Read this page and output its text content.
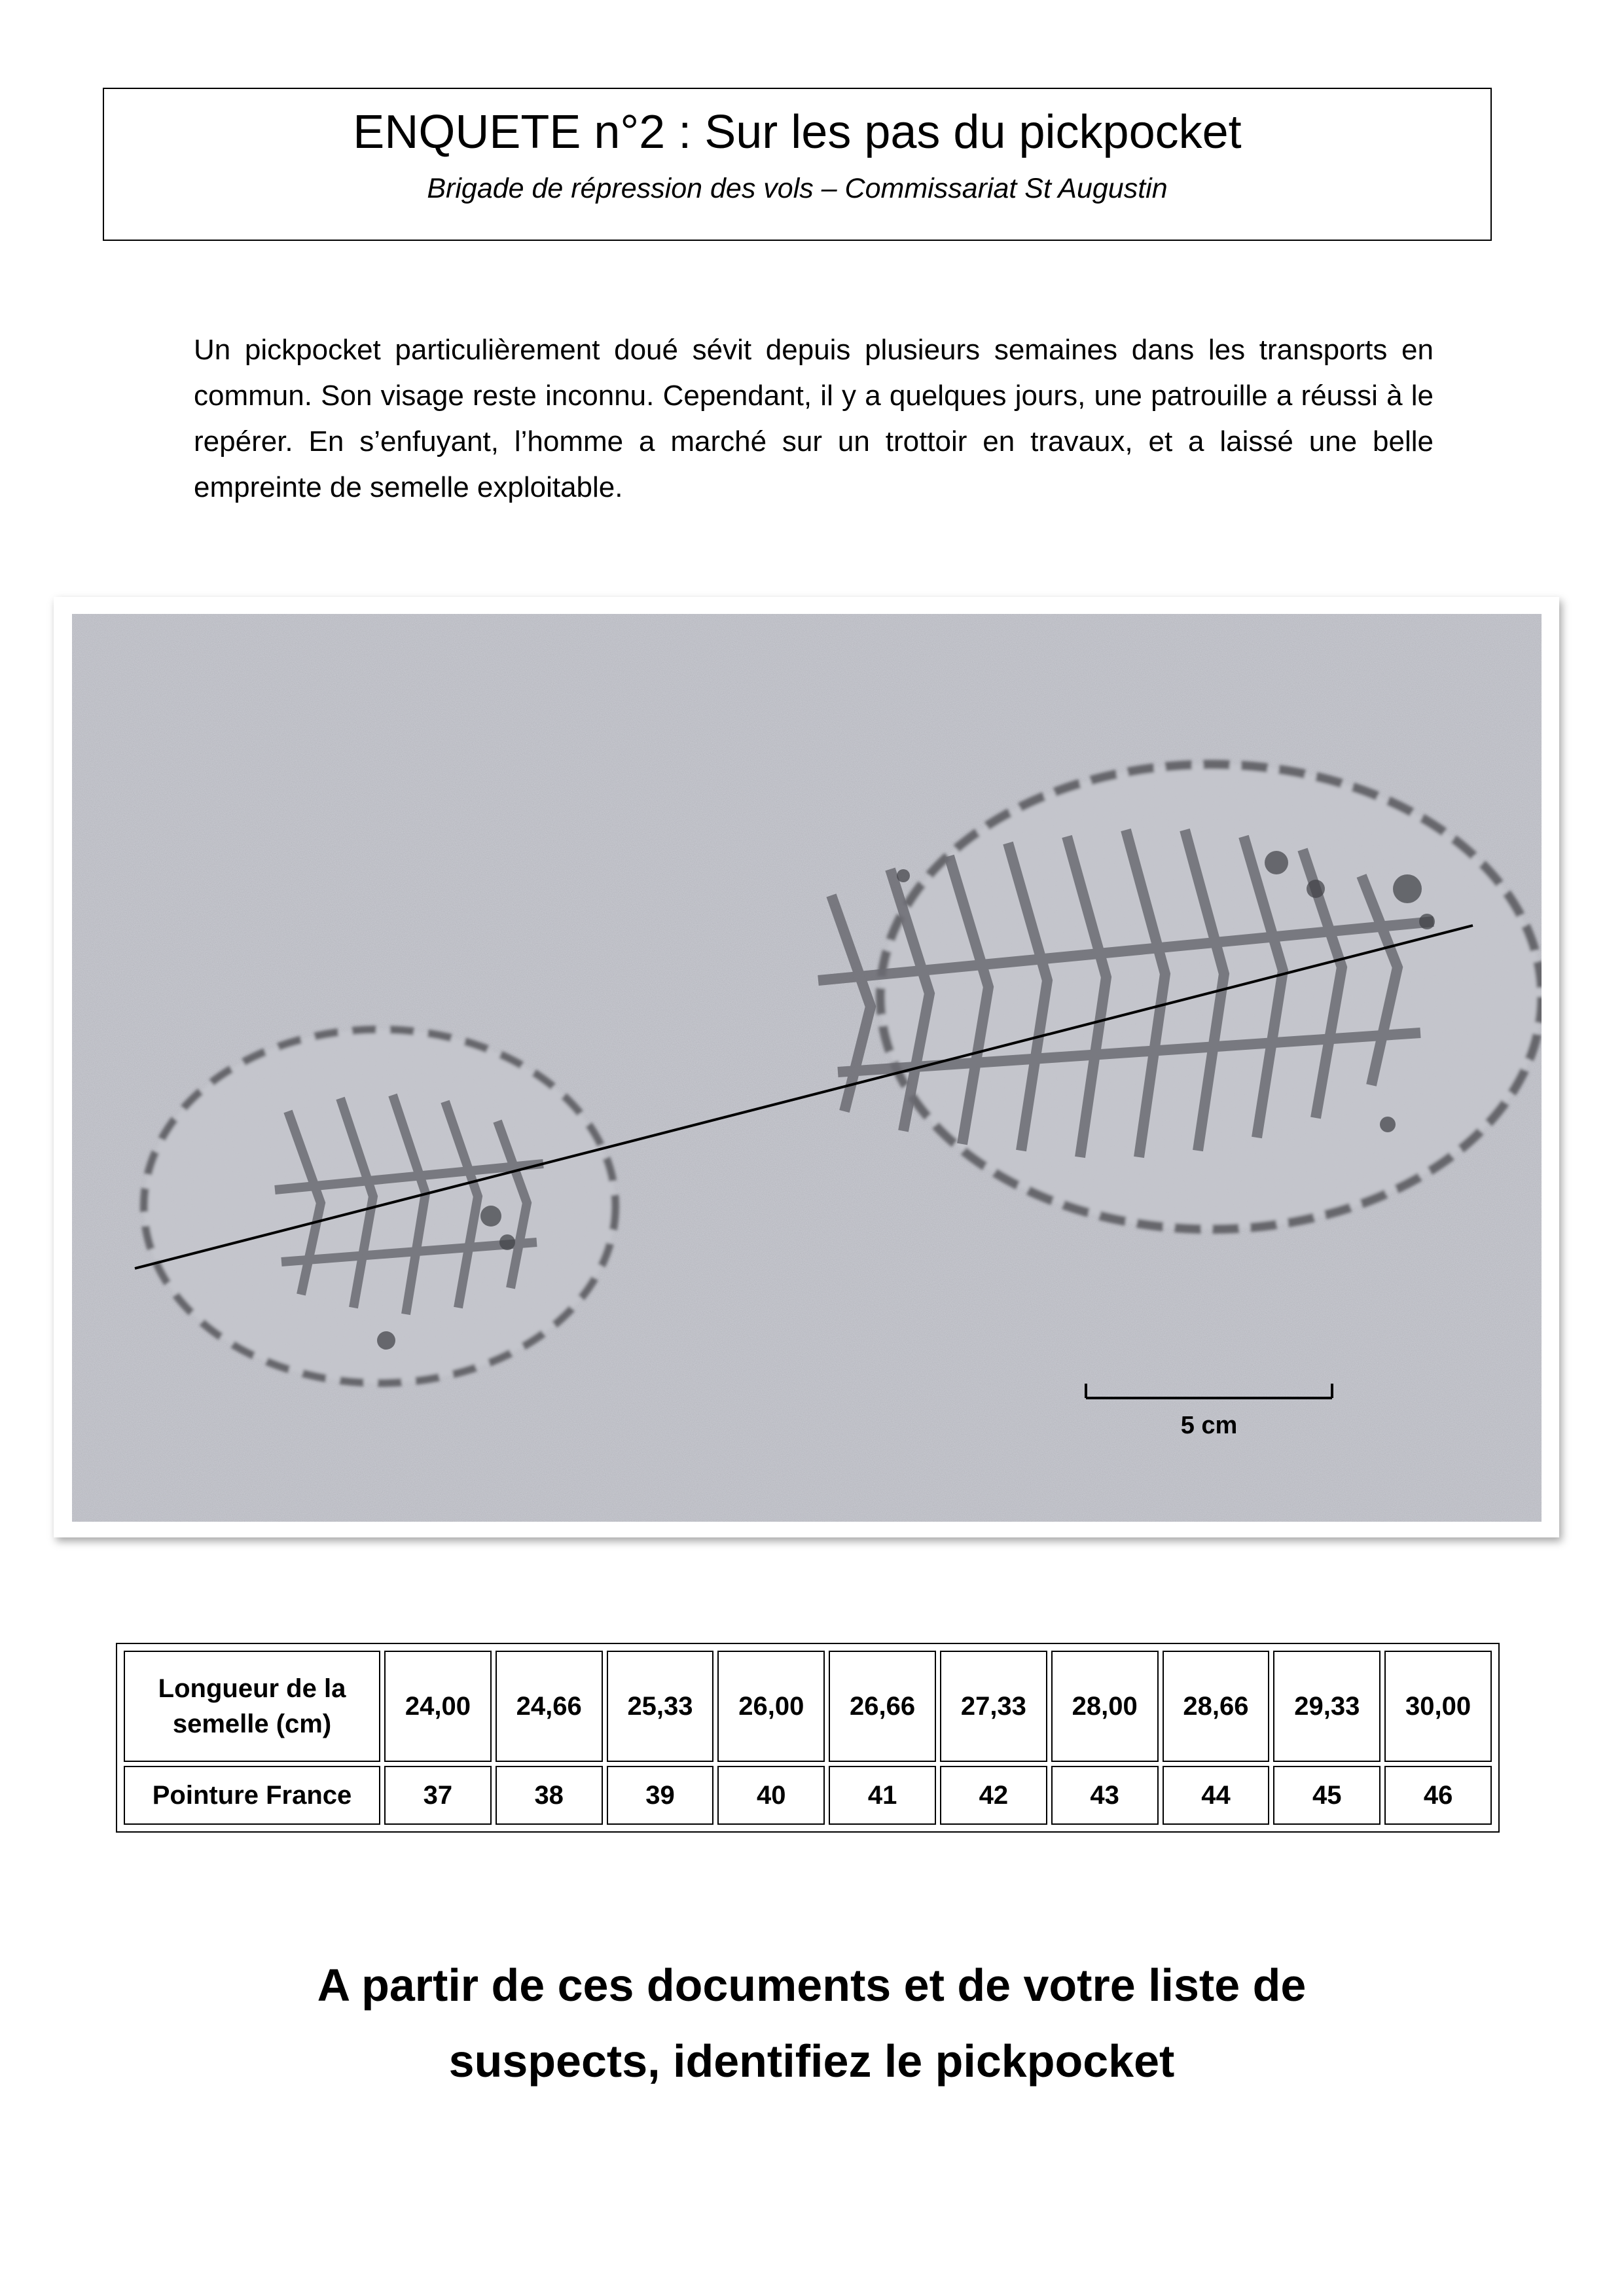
ENQUETE n°2 : Sur les pas du pickpocket
Brigade de répression des vols – Commissariat St Augustin
Un pickpocket particulièrement doué sévit depuis plusieurs semaines dans les transports en commun. Son visage reste inconnu. Cependant, il y a quelques jours, une patrouille a réussi à le repérer. En s’enfuyant, l’homme a marché sur un trottoir en travaux, et a laissé une belle empreinte de semelle exploitable.
5 cm
Longueur de la semelle (cm)	24,00	24,66	25,33	26,00	26,66	27,33	28,00	28,66	29,33	30,00
Pointure France	37	38	39	40	41	42	43	44	45	46
A partir de ces documents et de votre liste de
suspects, identifiez le pickpocket
